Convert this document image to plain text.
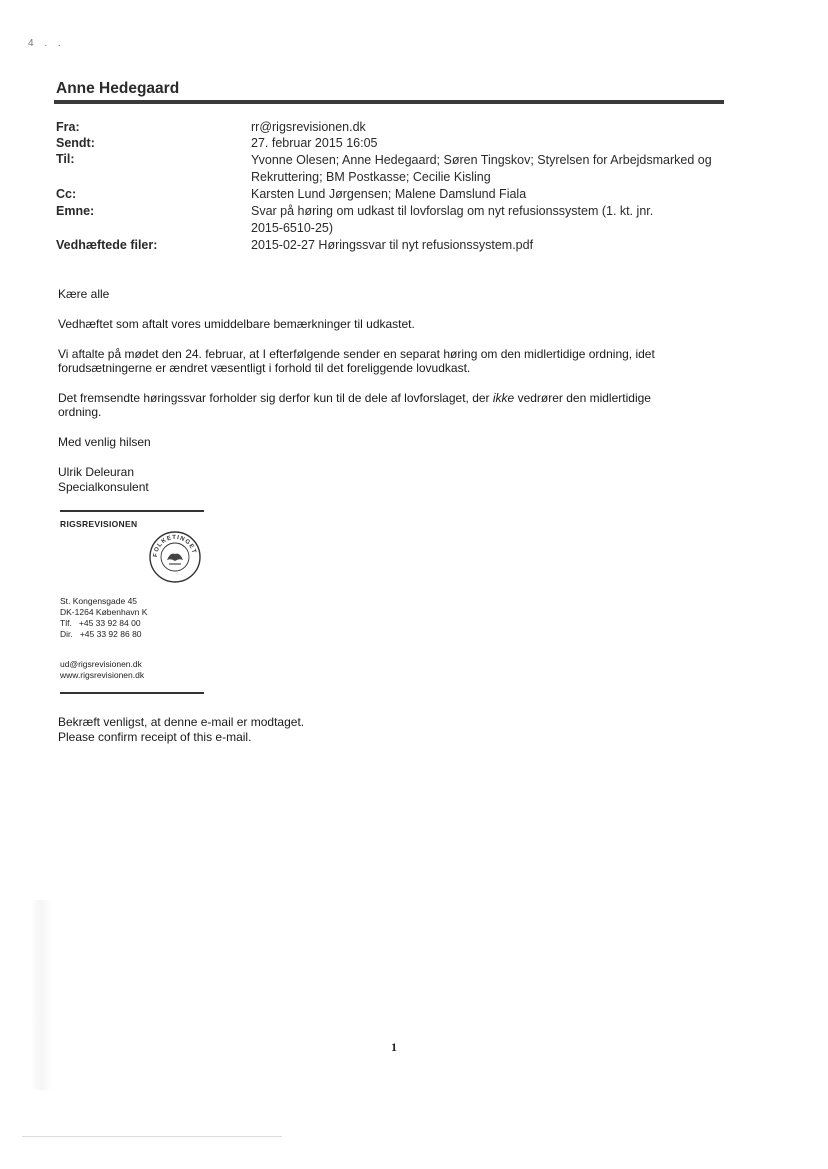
4 . .
Anne Hedegaard
Fra:	rr@rigsrevisionen.dk
Sendt:	27. februar 2015 16:05
Til:	Yvonne Olesen; Anne Hedegaard; Søren Tingskov; Styrelsen for Arbejdsmarked og
Rekruttering; BM Postkasse; Cecilie Kisling
Cc:	Karsten Lund Jørgensen; Malene Damslund Fiala
Emne:	Svar på høring om udkast til lovforslag om nyt refusionssystem (1. kt. jnr.
2015-6510-25)
Vedhæftede filer:	2015-02-27 Høringssvar til nyt refusionssystem.pdf
Kære alle
Vedhæftet som aftalt vores umiddelbare bemærkninger til udkastet.
Vi aftalte på mødet den 24. februar, at I efterfølgende sender en separat høring om den midlertidige ordning, idet
forudsætningerne er ændret væsentligt i forhold til det foreliggende lovudkast.
Det fremsendte høringssvar forholder sig derfor kun til de dele af lovforslaget, der ikke vedrører den midlertidige
ordning.
Med venlig hilsen
Ulrik Deleuran
Specialkonsulent
RIGSREVISIONEN
FOLKETINGET
St. Kongensgade 45
DK-1264 København K
Tlf.   +45 33 92 84 00
Dir.   +45 33 92 86 80
ud@rigsrevisionen.dk
www.rigsrevisionen.dk
Bekræft venligst, at denne e-mail er modtaget.
Please confirm receipt of this e-mail.
1
